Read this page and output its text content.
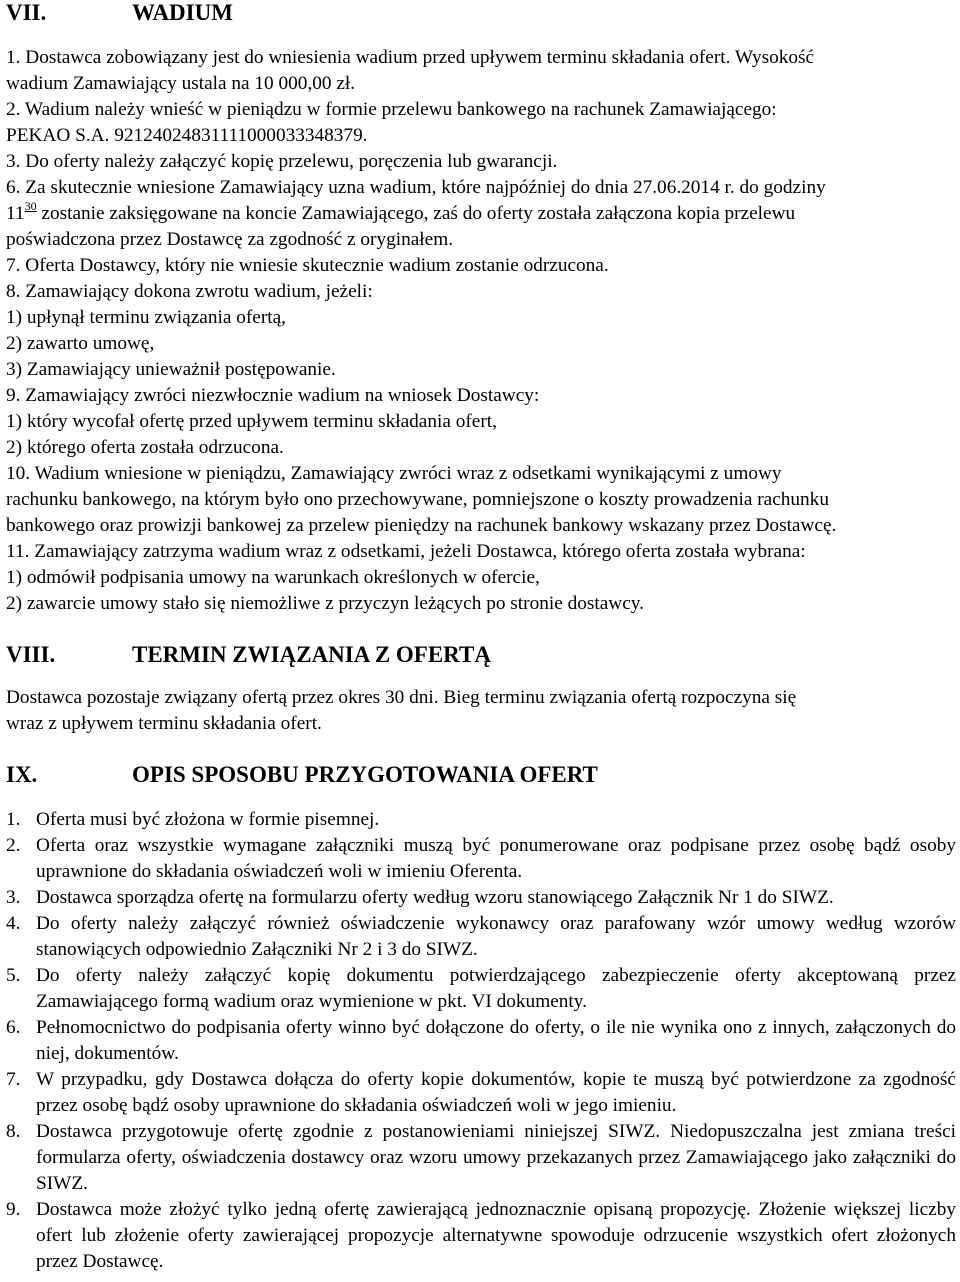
VII.	WADIUM

1. Dostawca zobowiązany jest do wniesienia wadium przed upływem terminu składania ofert. Wysokość

wadium Zamawiający ustala na 10 000,00 zł.

2. Wadium należy wnieść w pieniądzu w formie przelewu bankowego na rachunek Zamawiającego:

PEKAO S.A. 92124024831111000033348379.

3. Do oferty należy załączyć kopię przelewu, poręczenia lub gwarancji.

6. Za skutecznie wniesione Zamawiający uzna wadium, które najpóźniej do dnia 27.06.2014 r. do godziny

$11^{30}$ zostanie zaksięgowane na koncie Zamawiającego, zaś do oferty została załączona kopia przelewu

poświadczona przez Dostawcę za zgodność z oryginałem.

7. Oferta Dostawcy, który nie wniesie skutecznie wadium zostanie odrzucona.

8. Zamawiający dokona zwrotu wadium, jeżeli:

1) upłynął terminu związania ofertą,

2) zawarto umowę,

3) Zamawiający unieważnił postępowanie.

9. Zamawiający zwróci niezwłocznie wadium na wniosek Dostawcy:

1) który wycofał ofertę przed upływem terminu składania ofert,

2) którego oferta została odrzucona.

10. Wadium wniesione w pieniądzu, Zamawiający zwróci wraz z odsetkami wynikającymi z umowy

rachunku bankowego, na którym było ono przechowywane, pomniejszone o koszty prowadzenia rachunku

bankowego oraz prowizji bankowej za przelew pieniędzy na rachunek bankowy wskazany przez Dostawcę.

11. Zamawiający zatrzyma wadium wraz z odsetkami, jeżeli Dostawca, którego oferta została wybrana:

1) odmówił podpisania umowy na warunkach określonych w ofercie,

2) zawarcie umowy stało się niemożliwe z przyczyn leżących po stronie dostawcy.

VIII.	TERMIN ZWIĄZANIA Z OFERTĄ

Dostawca pozostaje związany ofertą przez okres 30 dni. Bieg terminu związania ofertą rozpoczyna się

wraz z upływem terminu składania ofert.

IX.	OPIS SPOSOBU PRZYGOTOWANIA OFERT
1. Oferta musi być złożona w formie pisemnej.
2. Oferta oraz wszystkie wymagane załączniki muszą być ponumerowane oraz podpisane przez osobę bądź osoby uprawnione do składania oświadczeń woli w imieniu Oferenta.
3. Dostawca sporządza ofertę na formularzu oferty według wzoru stanowiącego Załącznik Nr 1 do SIWZ.
4. Do oferty należy załączyć również oświadczenie wykonawcy oraz parafowany wzór umowy według wzorów stanowiących odpowiednio Załączniki Nr 2 i 3 do SIWZ.
5. Do oferty należy załączyć kopię dokumentu potwierdzającego zabezpieczenie oferty akceptowaną przez Zamawiającego formą wadium oraz wymienione w pkt. VI dokumenty.
6. Pełnomocnictwo do podpisania oferty winno być dołączone do oferty, o ile nie wynika ono z innych, załączonych do niej, dokumentów.
7. W przypadku, gdy Dostawca dołącza do oferty kopie dokumentów, kopie te muszą być potwierdzone za zgodność przez osobę bądź osoby uprawnione do składania oświadczeń woli w jego imieniu.
8. Dostawca przygotowuje ofertę zgodnie z postanowieniami niniejszej SIWZ. Niedopuszczalna jest zmiana treści formularza oferty, oświadczenia dostawcy oraz wzoru umowy przekazanych przez Zamawiającego jako załączniki do SIWZ.
9. Dostawca może złożyć tylko jedną ofertę zawierającą jednoznacznie opisaną propozycję. Złożenie większej liczby ofert lub złożenie oferty zawierającej propozycje alternatywne spowoduje odrzucenie wszystkich ofert złożonych przez Dostawcę.
